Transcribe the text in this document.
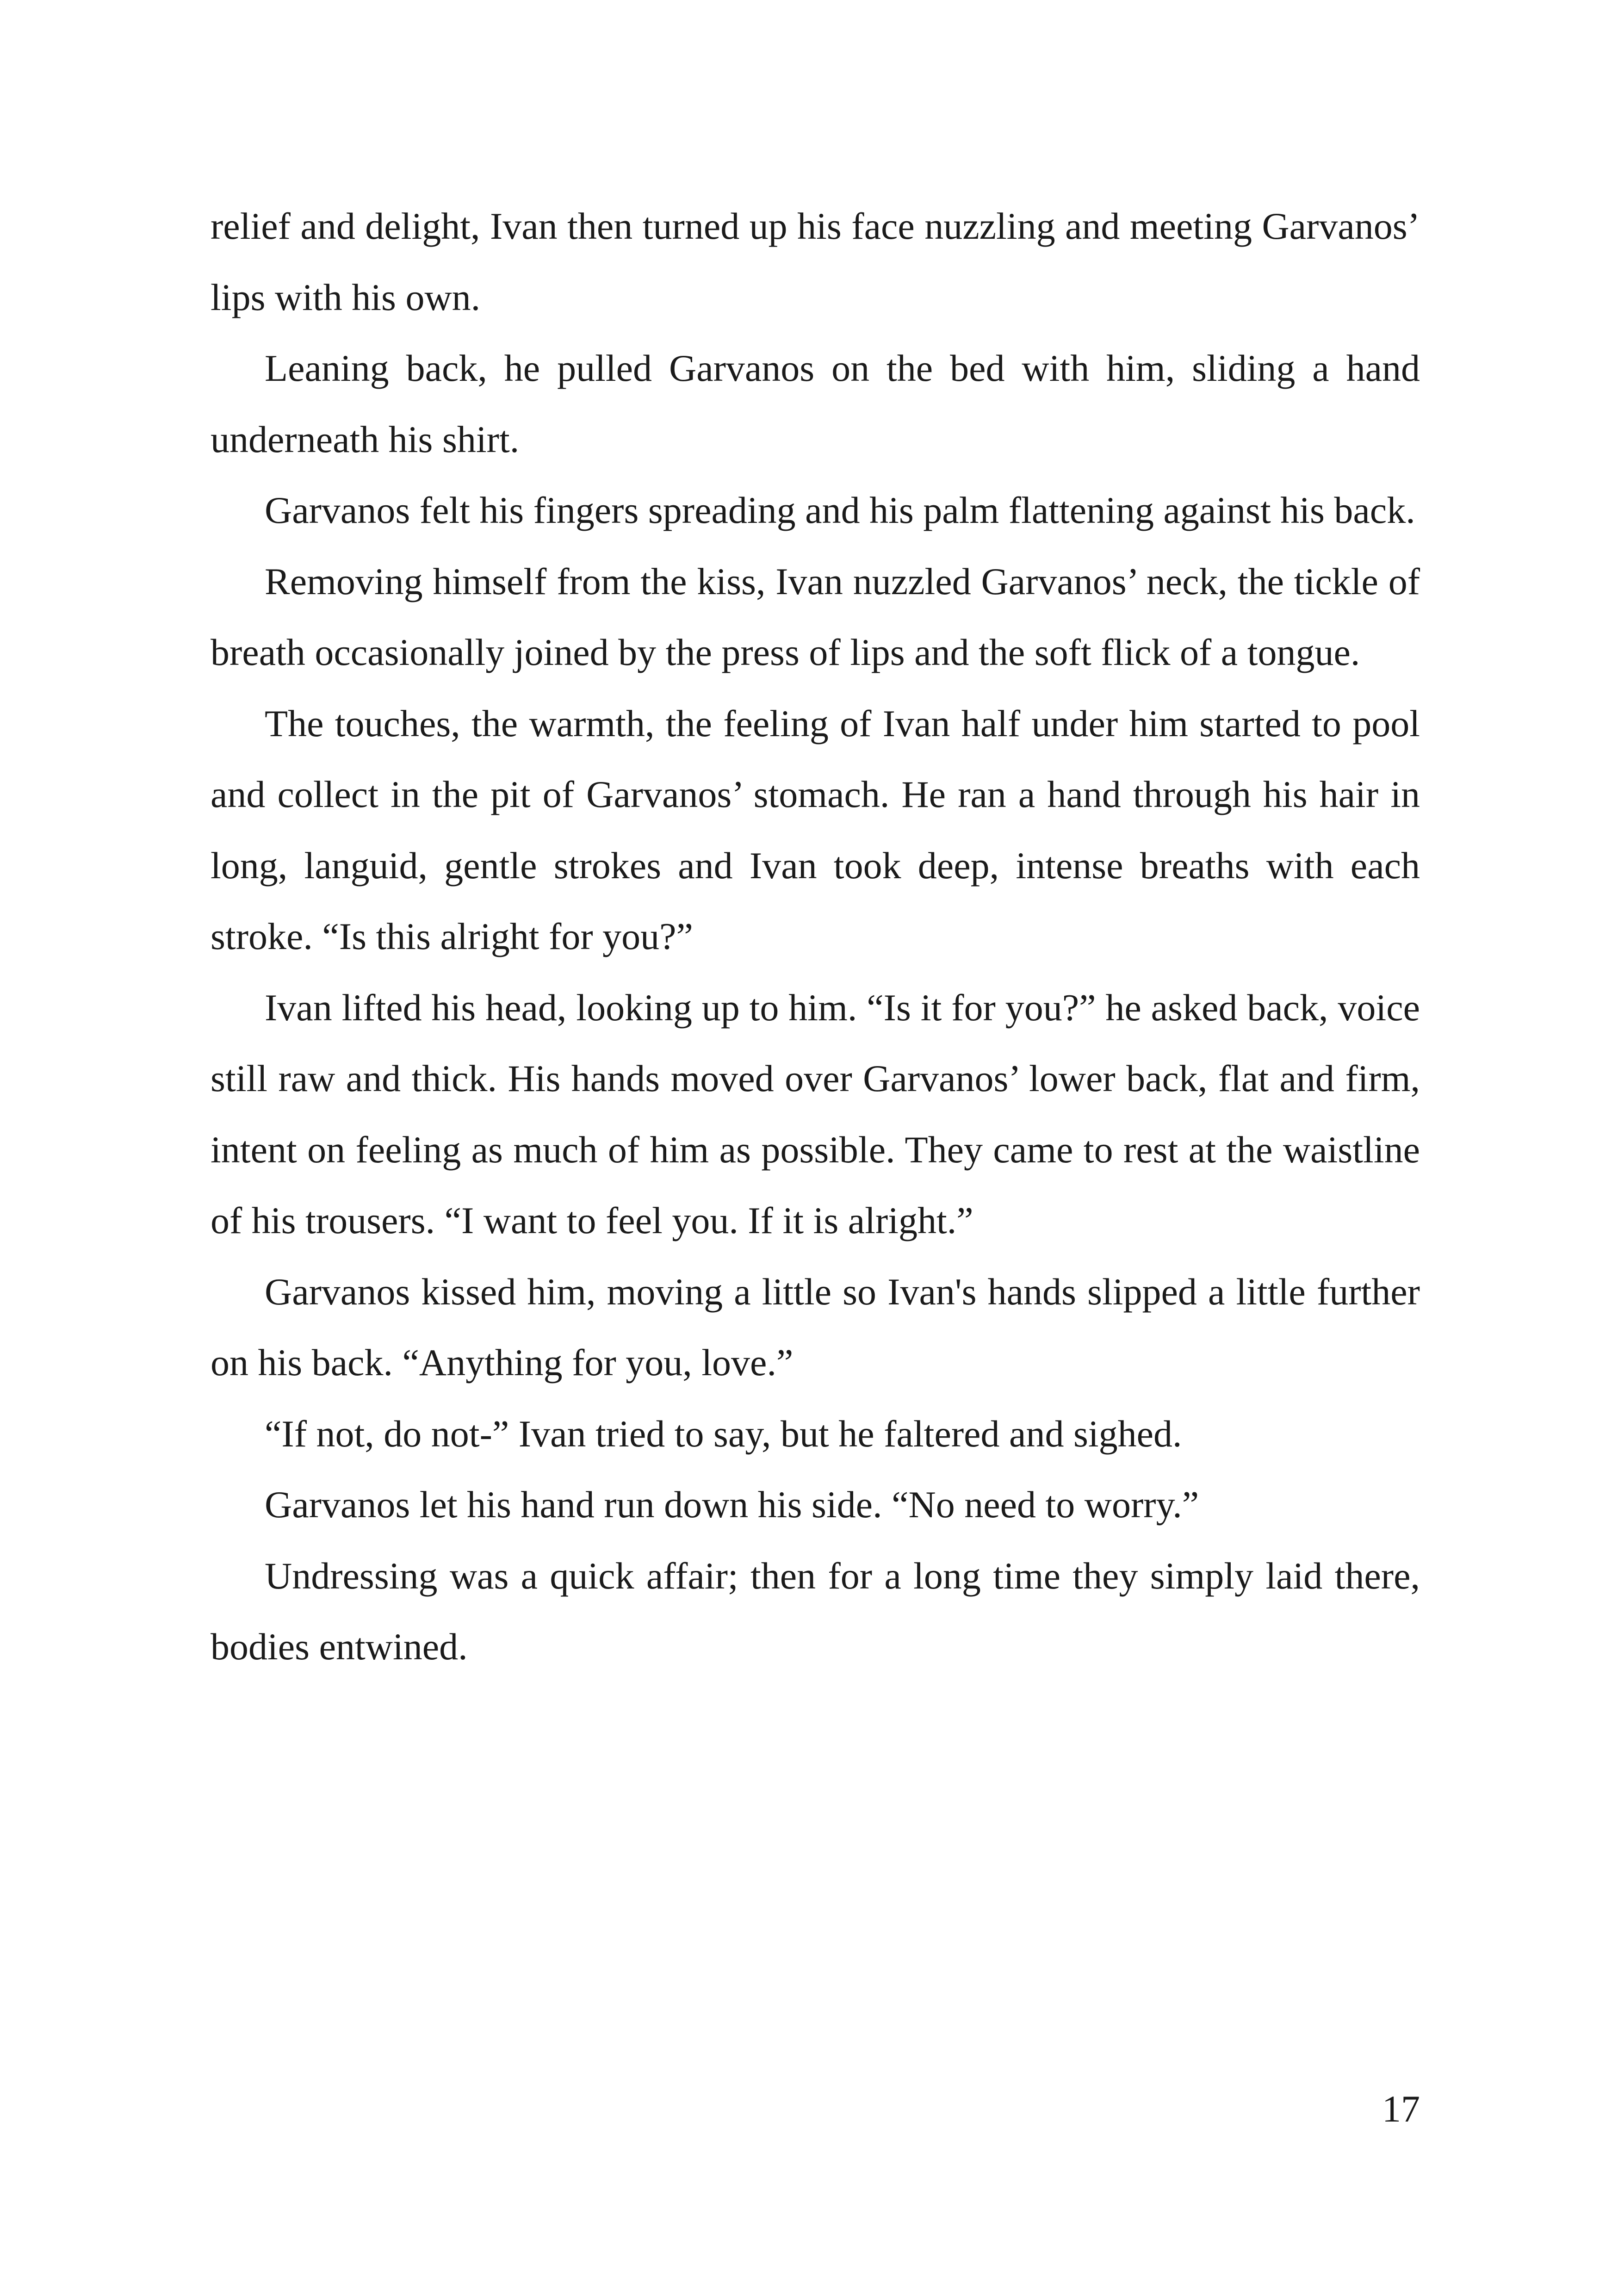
relief and delight, Ivan then turned up his face nuzzling and meeting Garvanos’ lips with his own.

Leaning back, he pulled Garvanos on the bed with him, sliding a hand underneath his shirt.

Garvanos felt his fingers spreading and his palm flattening against his back.

Removing himself from the kiss, Ivan nuzzled Garvanos’ neck, the tickle of breath occasionally joined by the press of lips and the soft flick of a tongue.

The touches, the warmth, the feeling of Ivan half under him started to pool and collect in the pit of Garvanos’ stomach. He ran a hand through his hair in long, languid, gentle strokes and Ivan took deep, intense breaths with each stroke. “Is this alright for you?”

Ivan lifted his head, looking up to him. “Is it for you?” he asked back, voice still raw and thick. His hands moved over Garvanos’ lower back, flat and firm, intent on feeling as much of him as possible. They came to rest at the waistline of his trousers. “I want to feel you. If it is alright.”

Garvanos kissed him, moving a little so Ivan's hands slipped a little further on his back. “Anything for you, love.”

“If not, do not-” Ivan tried to say, but he faltered and sighed.

Garvanos let his hand run down his side. “No need to worry.”

Undressing was a quick affair; then for a long time they simply laid there, bodies entwined.

17
